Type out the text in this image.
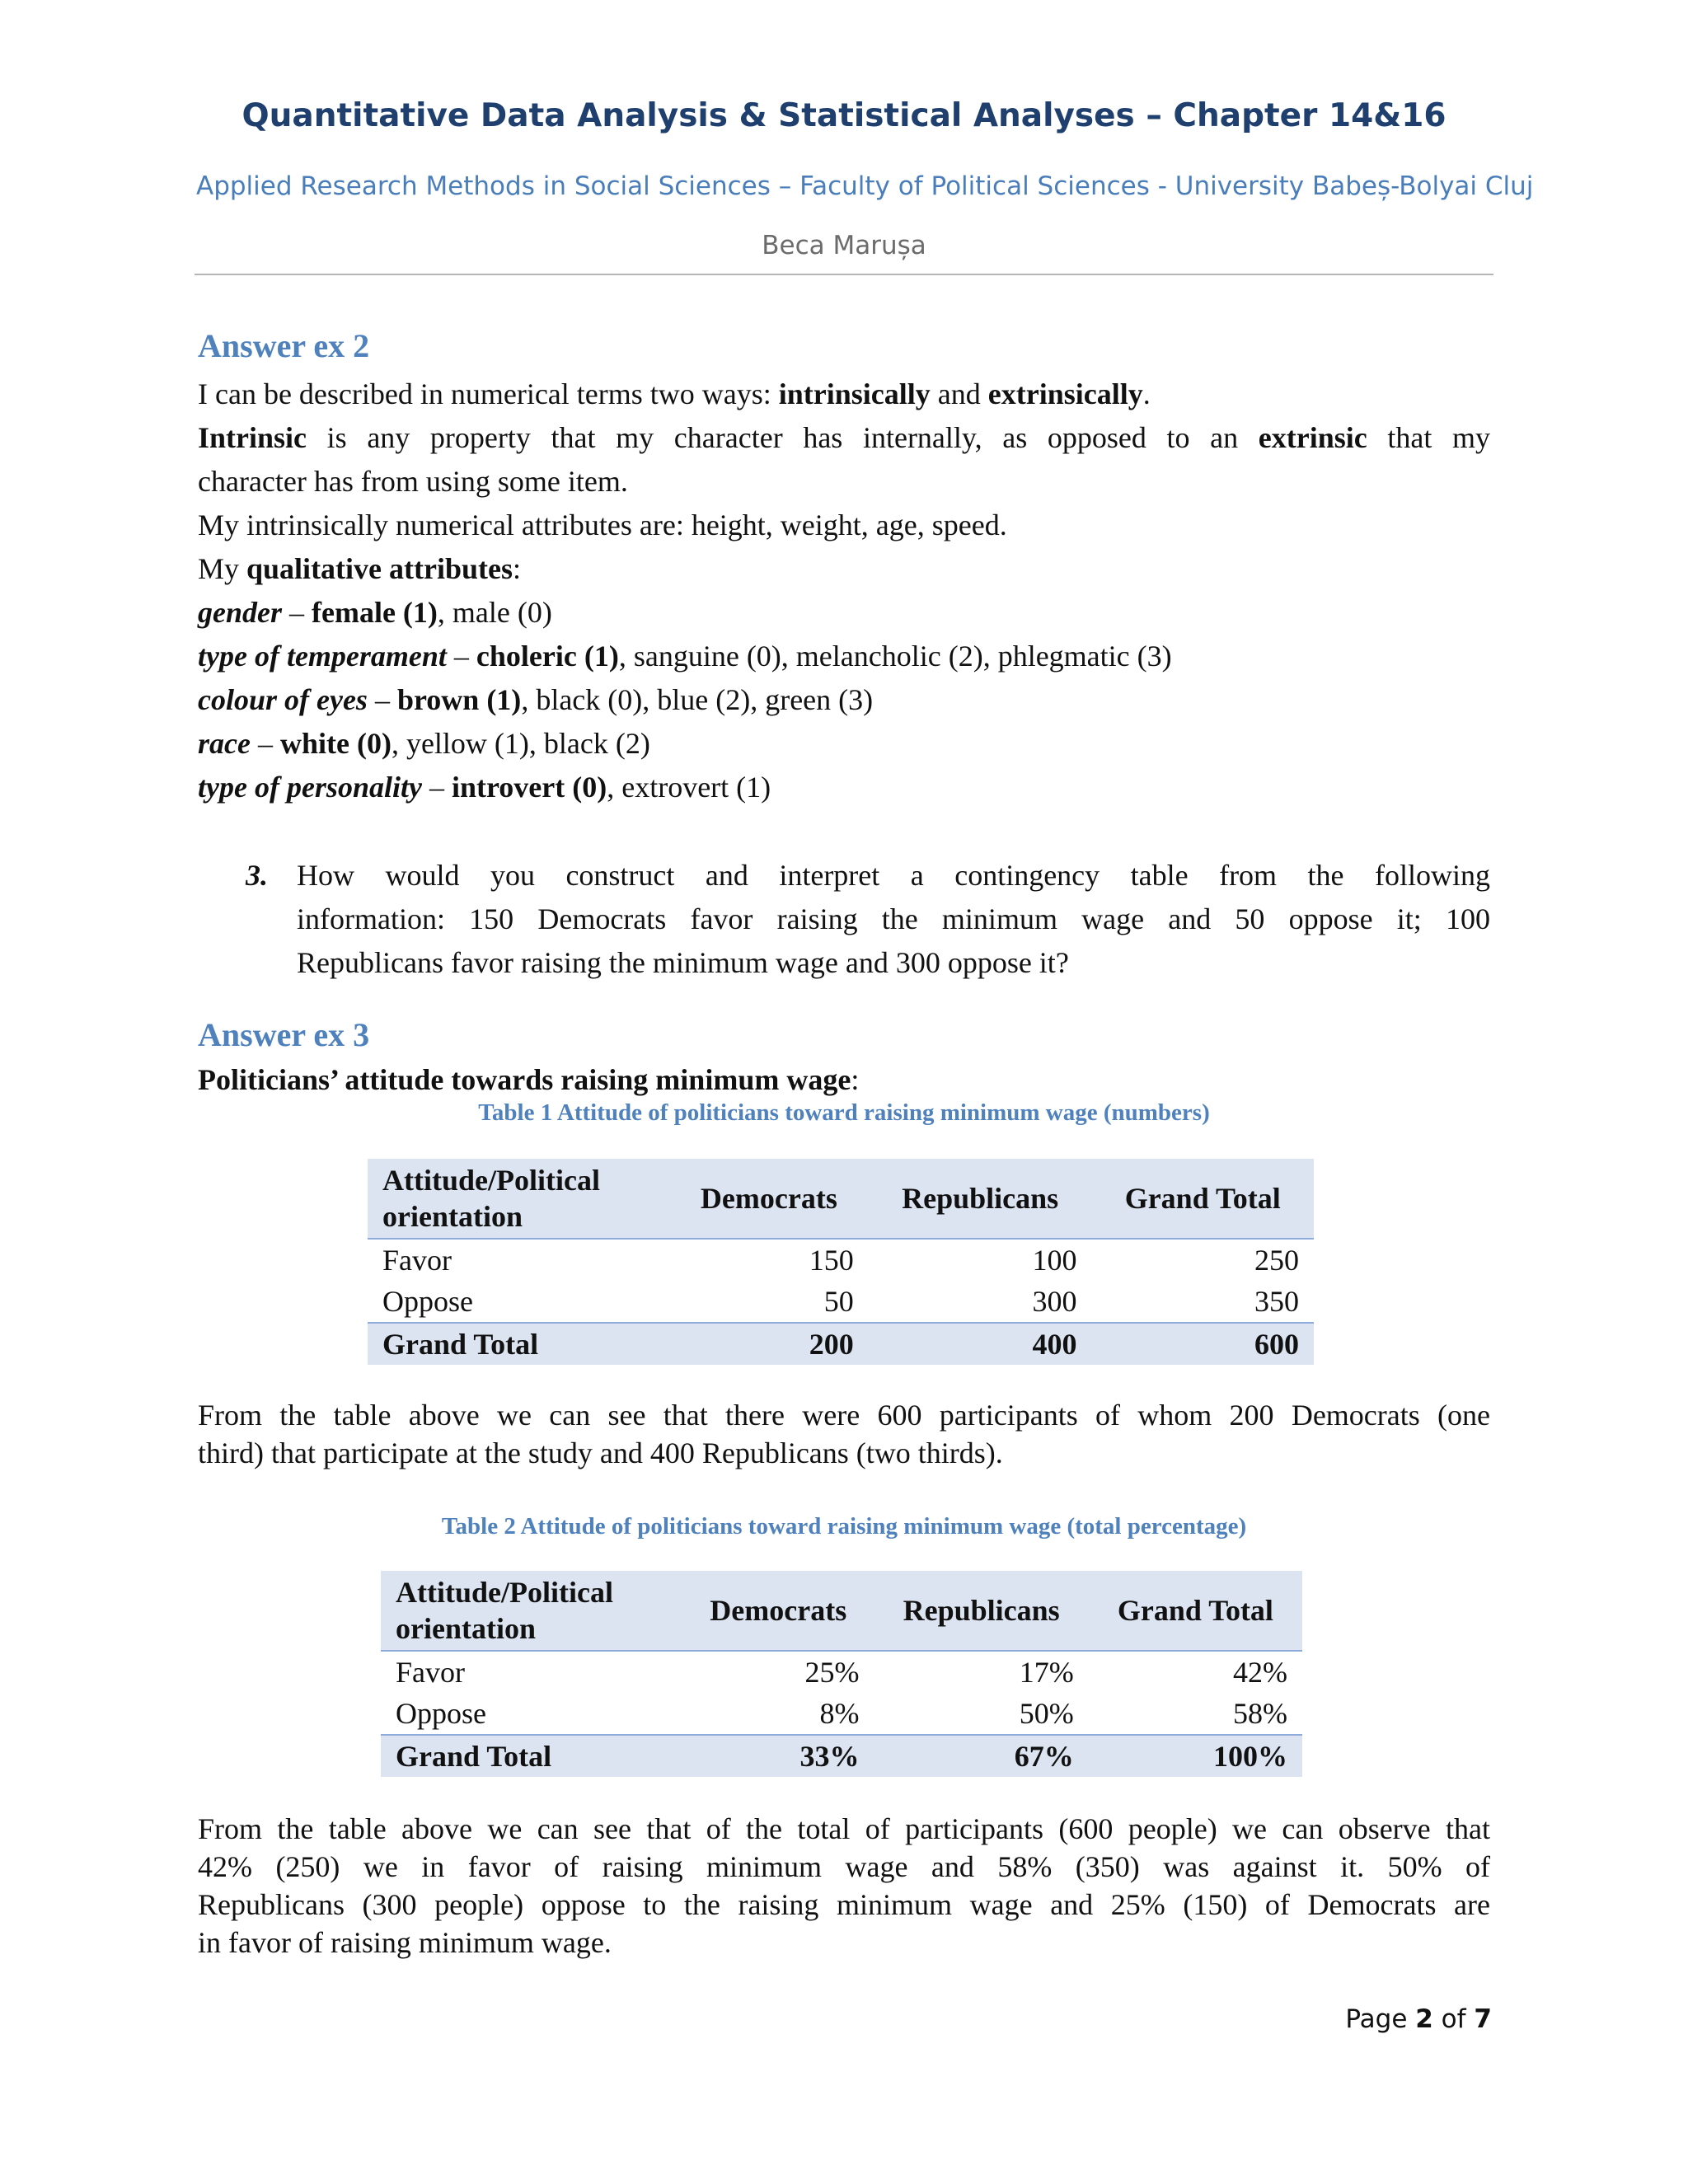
Quantitative Data Analysis & Statistical Analyses – Chapter 14&16
Applied Research Methods in Social Sciences – Faculty of Political Sciences - University Babeș-Bolyai Cluj
Beca Marușa
Answer ex 2
I can be described in numerical terms two ways: intrinsically and extrinsically.
Intrinsic is any property that my character has internally, as opposed to an extrinsic that my
character has from using some item.
My intrinsically numerical attributes are: height, weight, age, speed.
My qualitative attributes:
gender – female (1), male (0)
type of temperament – choleric (1), sanguine (0), melancholic (2), phlegmatic (3)
colour of eyes – brown (1), black (0), blue (2), green (3)
race – white (0), yellow (1), black (2)
type of personality – introvert (0), extrovert (1)
3. How would you construct and interpret a contingency table from the following
information: 150 Democrats favor raising the minimum wage and 50 oppose it; 100
Republicans favor raising the minimum wage and 300 oppose it?
Answer ex 3
Politicians’ attitude towards raising minimum wage:
Table 1 Attitude of politicians toward raising minimum wage (numbers)
Attitude/Political orientation	Democrats	Republicans	Grand Total
Favor	150	100	250
Oppose	50	300	350
Grand Total	200	400	600
From the table above we can see that there were 600 participants of whom 200 Democrats (one
third) that participate at the study and 400 Republicans (two thirds).
Table 2 Attitude of politicians toward raising minimum wage (total percentage)
Attitude/Political orientation	Democrats	Republicans	Grand Total
Favor	25%	17%	42%
Oppose	8%	50%	58%
Grand Total	33%	67%	100%
From the table above we can see that of the total of participants (600 people) we can observe that
42% (250) we in favor of raising minimum wage and 58% (350) was against it. 50% of
Republicans (300 people) oppose to the raising minimum wage and 25% (150) of Democrats are
in favor of raising minimum wage.
Page 2 of 7
